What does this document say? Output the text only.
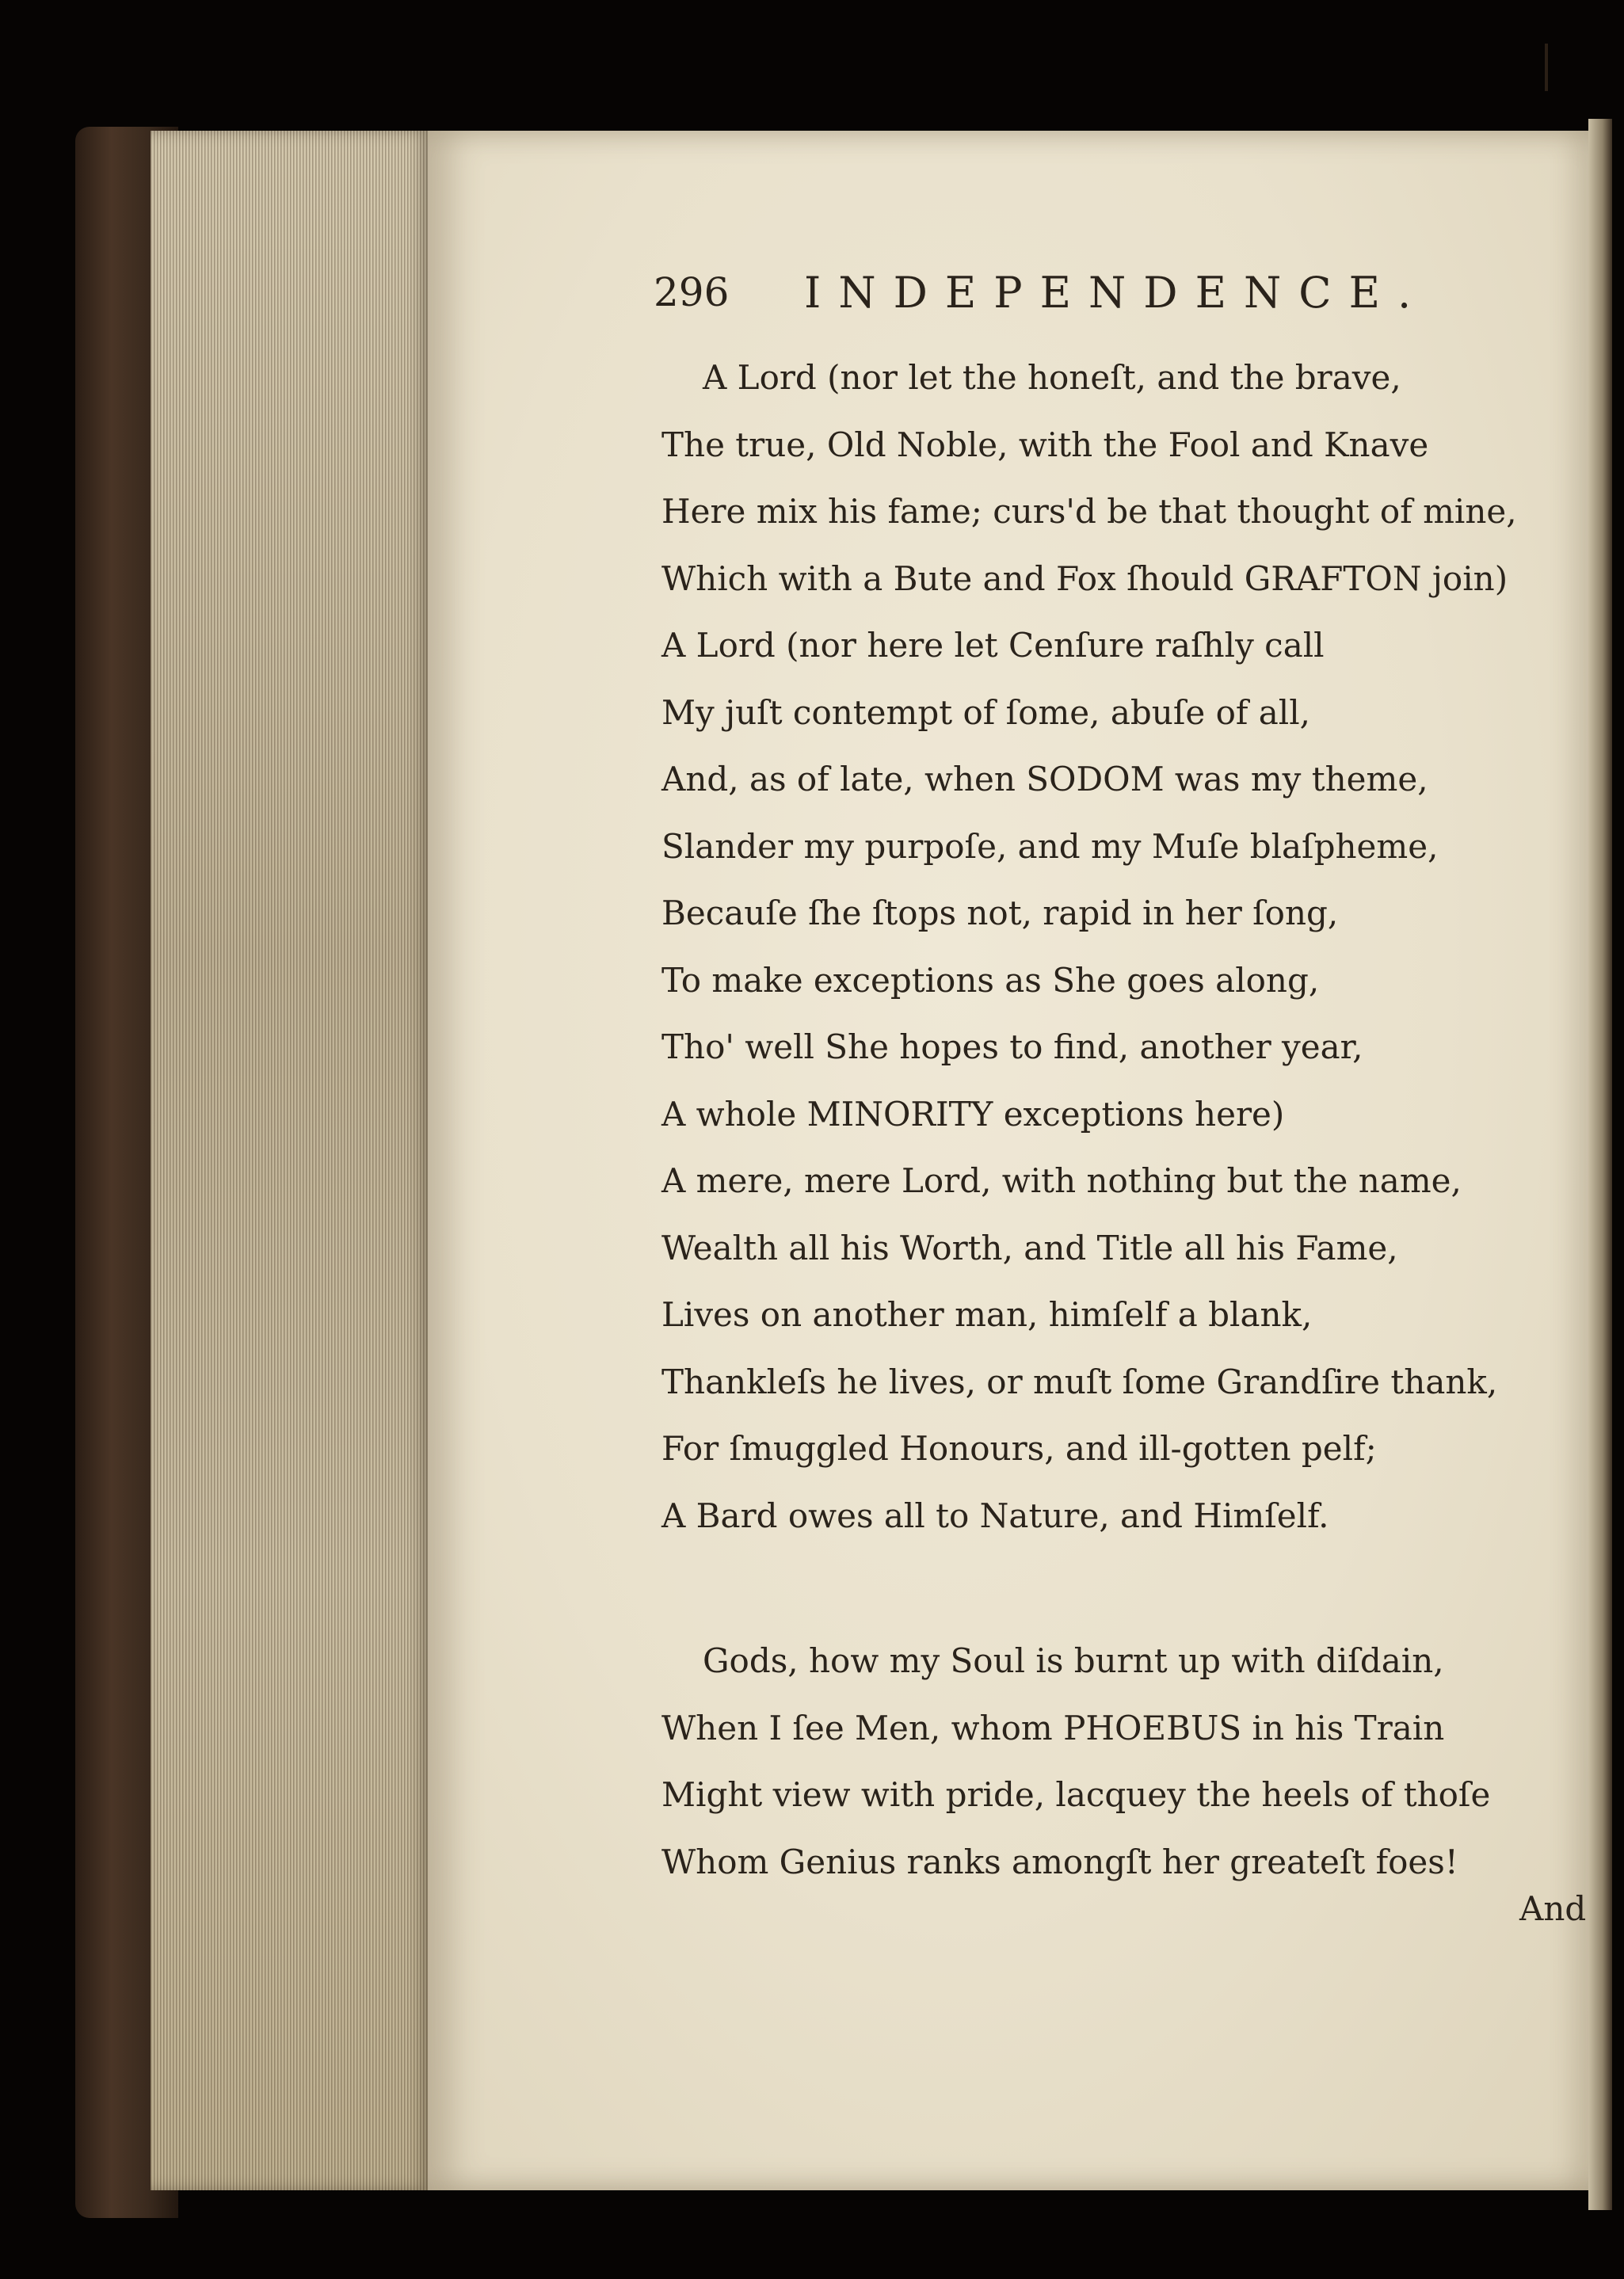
296 INDEPENDENCE.
A Lord (nor let the honeſt, and the brave,
The true, Old Noble, with the Fool and Knave
Here mix his fame; curs'd be that thought of mine,
Which with a Bute and Fox ſhould GRAFTON join)
A Lord (nor here let Cenſure raſhly call
My juſt contempt of ſome, abuſe of all,
And, as of late, when SODOM was my theme,
Slander my purpoſe, and my Muſe blaſpheme,
Becauſe ſhe ſtops not, rapid in her ſong,
To make exceptions as She goes along,
Tho' well She hopes to find, another year,
A whole MINORITY exceptions here)
A mere, mere Lord, with nothing but the name,
Wealth all his Worth, and Title all his Fame,
Lives on another man, himſelf a blank,
Thankleſs he lives, or muſt ſome Grandſire thank,
For ſmuggled Honours, and ill-gotten pelf;
A Bard owes all to Nature, and Himſelf.
Gods, how my Soul is burnt up with diſdain,
When I ſee Men, whom PHOEBUS in his Train
Might view with pride, lacquey the heels of thoſe
Whom Genius ranks amongſt her greateſt foes!
And
